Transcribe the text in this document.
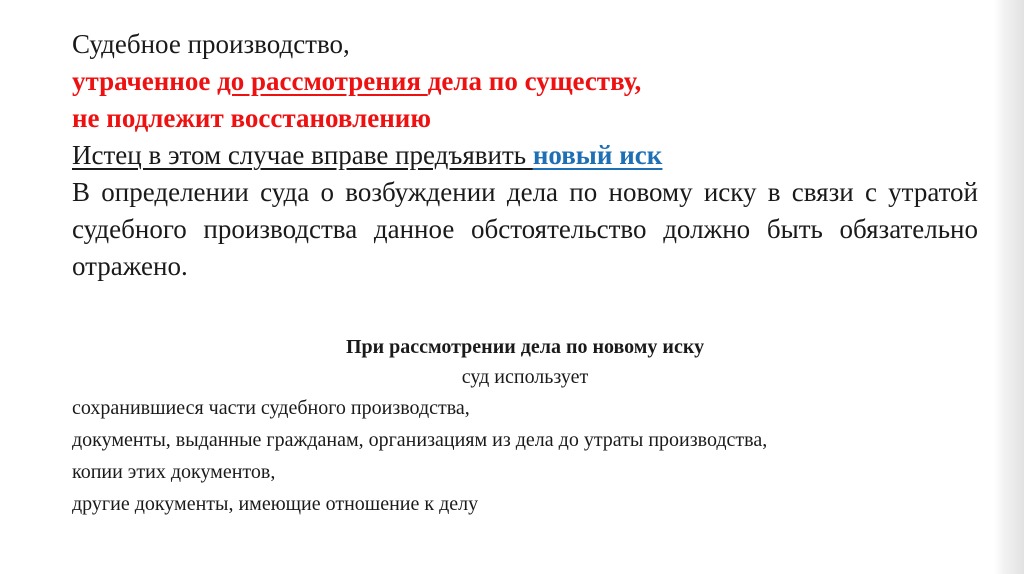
Судебное производство,
утраченное до рассмотрения дела по существу,
не подлежит восстановлению
Истец в этом случае вправе предъявить новый иск
В определении суда о возбуждении дела по новому иску в связи с утратой судебного производства данное обстоятельство должно быть обязательно отражено.
При рассмотрении дела по новому иску
суд использует
сохранившиеся части судебного производства,
документы, выданные гражданам, организациям из дела до утраты производства,
копии этих документов,
другие документы, имеющие отношение к делу
